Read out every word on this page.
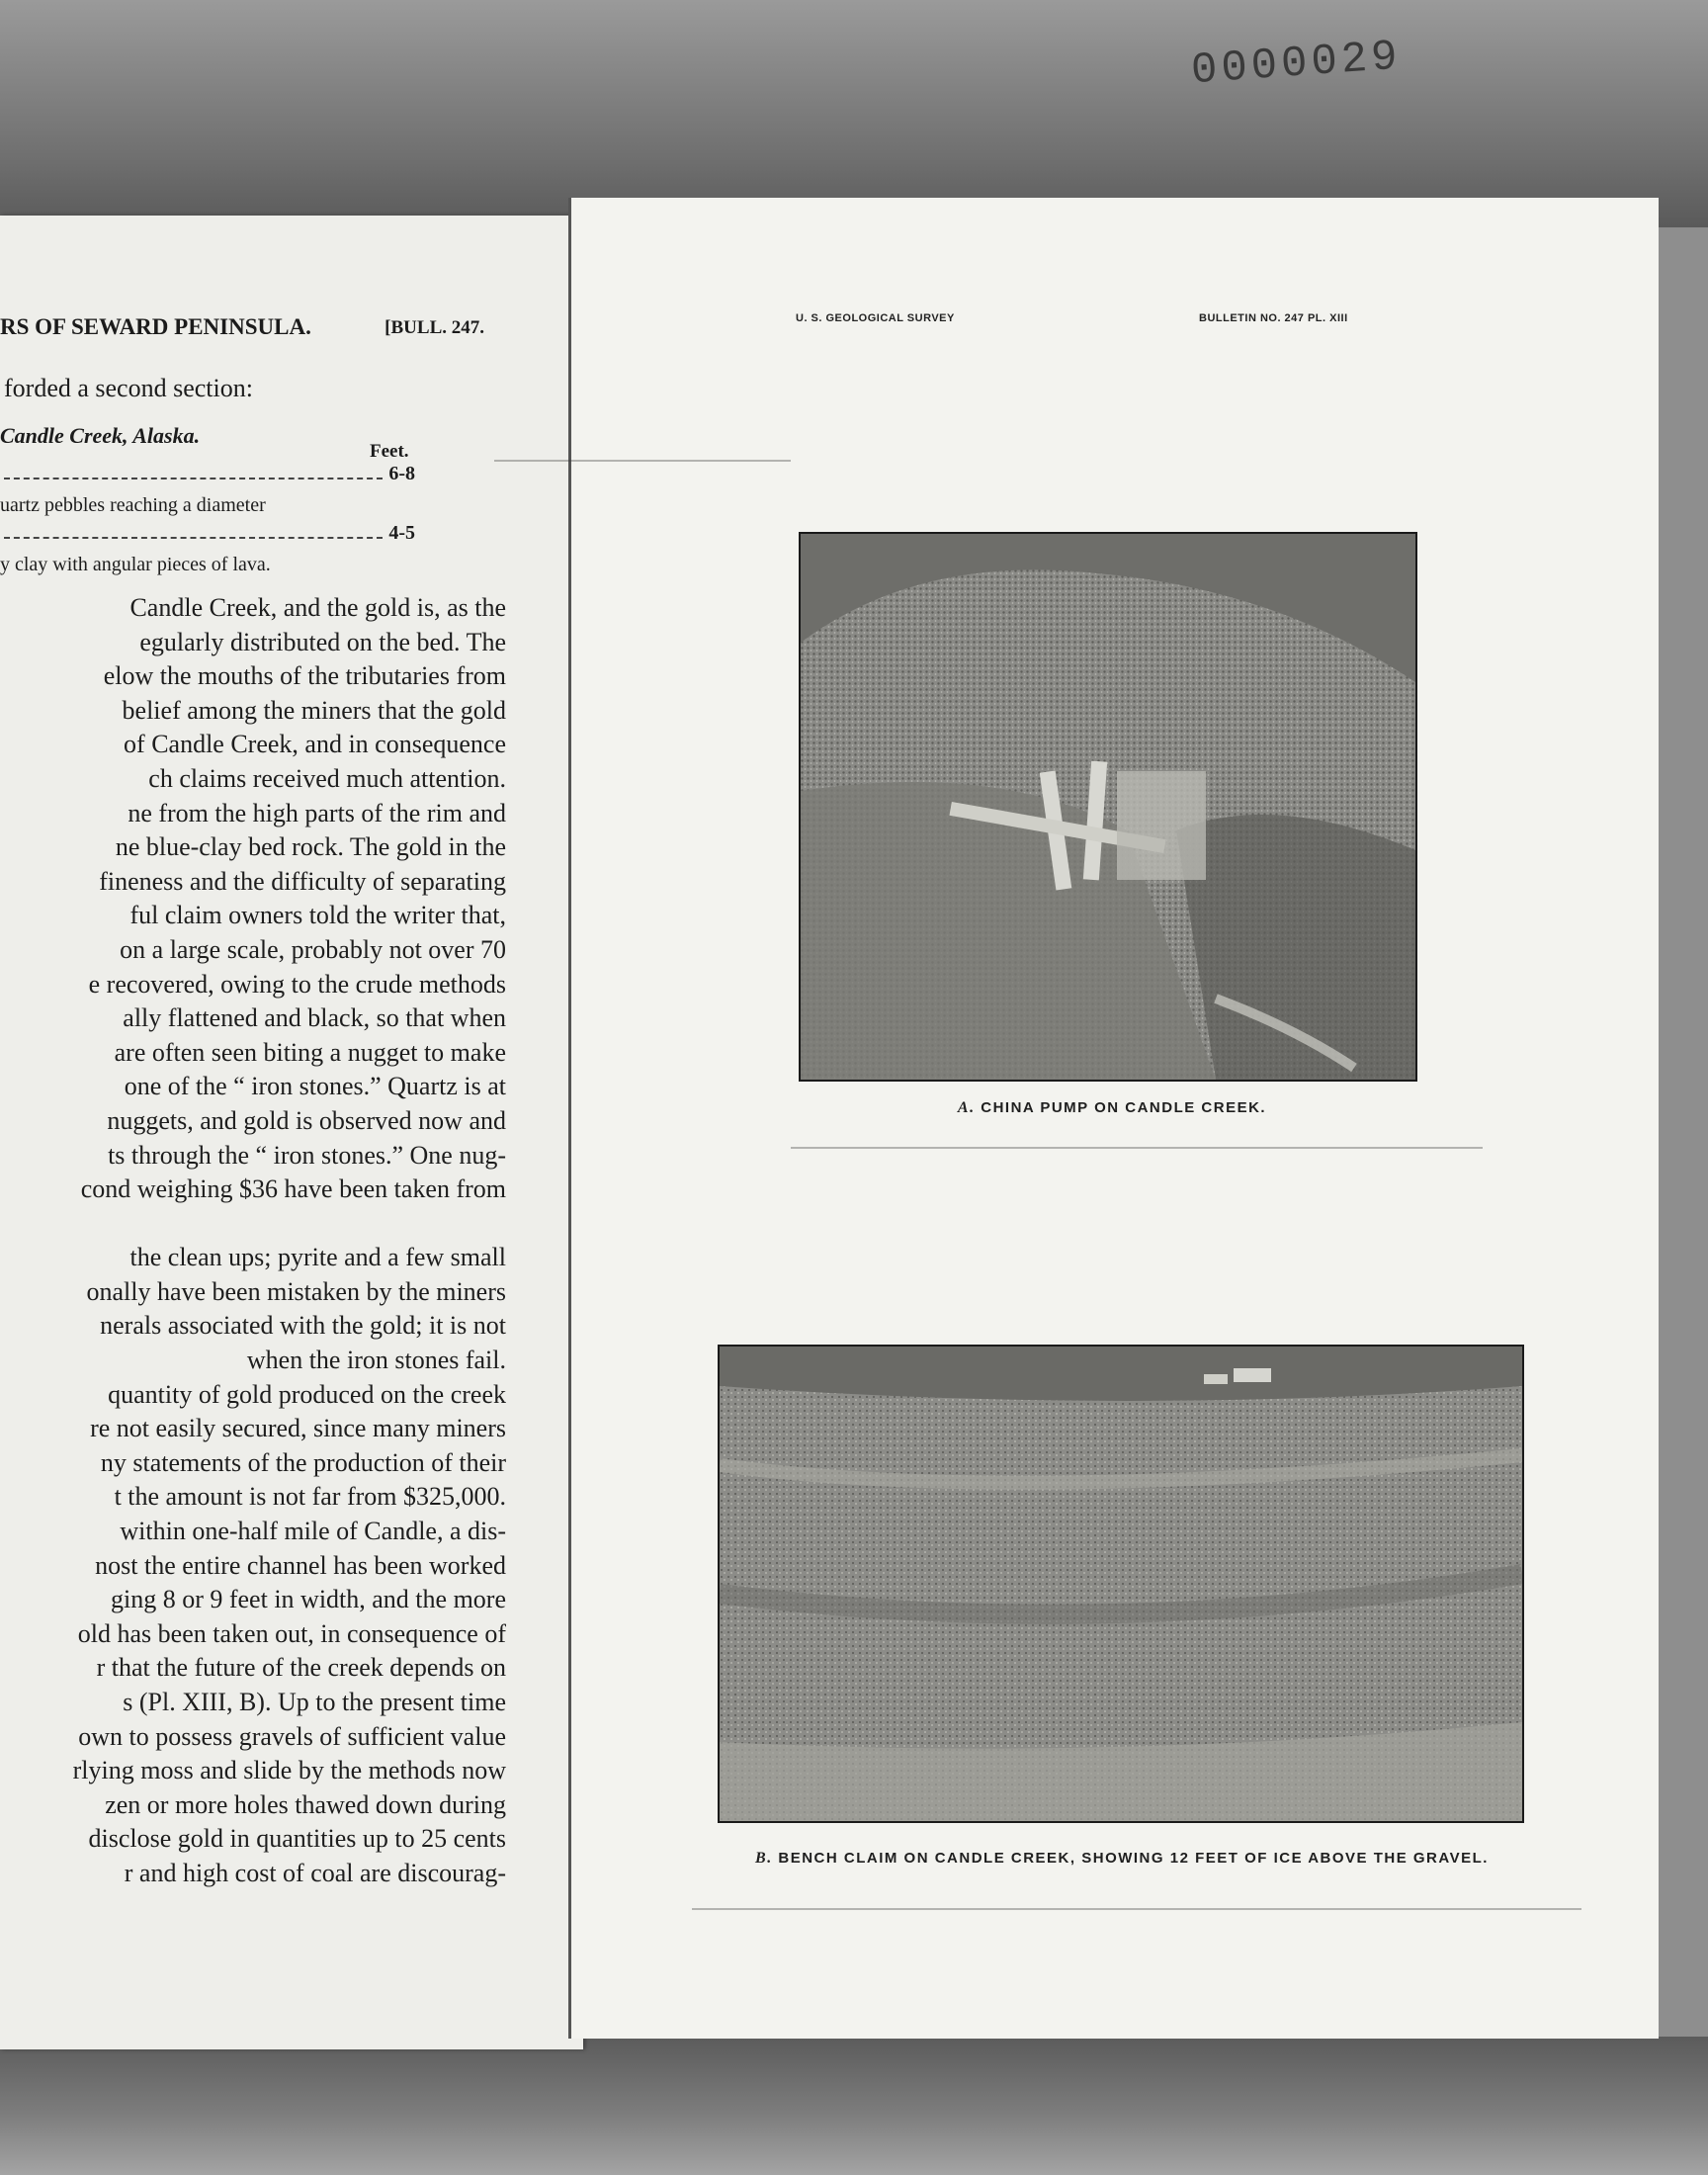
0000029
RS OF SEWARD PENINSULA.	[BULL. 247.
forded a second section:
Candle Creek, Alaska.
Feet.
6-8
uartz pebbles reaching a diameter
4-5
y clay with angular pieces of lava.
Candle Creek, and the gold is, as the
egularly distributed on the bed. The
elow the mouths of the tributaries from
belief among the miners that the gold
of Candle Creek, and in consequence
ch claims received much attention.
ne from the high parts of the rim and
ne blue-clay bed rock. The gold in the
fineness and the difficulty of separating
ful claim owners told the writer that,
on a large scale, probably not over 70
e recovered, owing to the crude methods
ally flattened and black, so that when
are often seen biting a nugget to make
one of the “ iron stones.” Quartz is at
nuggets, and gold is observed now and
ts through the “ iron stones.” One nug-
cond weighing $36 have been taken from
the clean ups; pyrite and a few small
onally have been mistaken by the miners
nerals associated with the gold; it is not
when the iron stones fail.
quantity of gold produced on the creek
re not easily secured, since many miners
ny statements of the production of their
t the amount is not far from $325,000.
within one-half mile of Candle, a dis-
nost the entire channel has been worked
ging 8 or 9 feet in width, and the more
old has been taken out, in consequence of
r that the future of the creek depends on
s (Pl. XIII, B). Up to the present time
own to possess gravels of sufficient value
rlying moss and slide by the methods now
zen or more holes thawed down during
disclose gold in quantities up to 25 cents
r and high cost of coal are discourag-
U. S. GEOLOGICAL SURVEY	BULLETIN NO. 247 PL. XIII
A. CHINA PUMP ON CANDLE CREEK.
B. BENCH CLAIM ON CANDLE CREEK, SHOWING 12 FEET OF ICE ABOVE THE GRAVEL.
